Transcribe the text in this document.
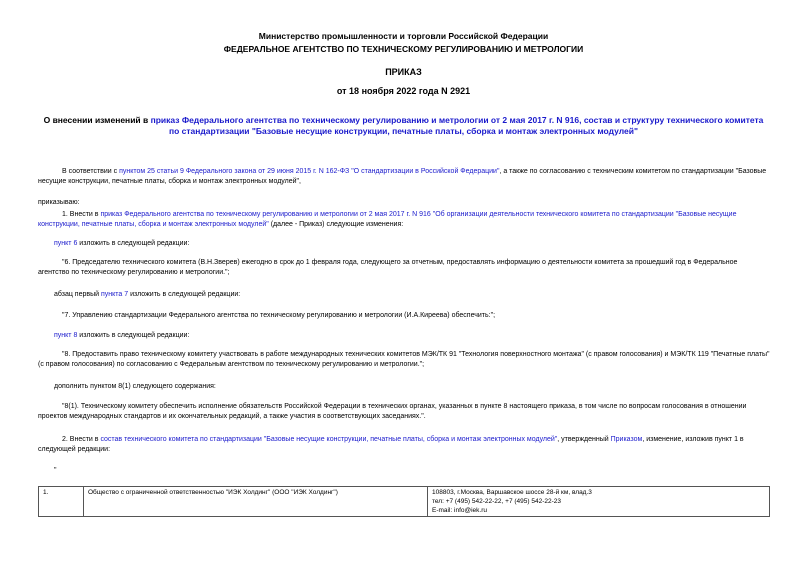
Министерство промышленности и торговли Российской Федерации
ФЕДЕРАЛЬНОЕ АГЕНТСТВО ПО ТЕХНИЧЕСКОМУ РЕГУЛИРОВАНИЮ И МЕТРОЛОГИИ
ПРИКАЗ
от 18 ноября 2022 года N 2921
О внесении изменений в приказ Федерального агентства по техническому регулированию и метрологии от 2 мая 2017 г. N 916, состав и структуру технического комитета по стандартизации "Базовые несущие конструкции, печатные платы, сборка и монтаж электронных модулей"
В соответствии с пунктом 25 статьи 9 Федерального закона от 29 июня 2015 г. N 162-ФЗ "О стандартизации в Российской Федерации", а также по согласованию с техническим комитетом по стандартизации "Базовые несущие конструкции, печатные платы, сборка и монтаж электронных модулей",
приказываю:
1. Внести в приказ Федерального агентства по техническому регулированию и метрологии от 2 мая 2017 г. N 916 "Об организации деятельности технического комитета по стандартизации "Базовые несущие конструкции, печатные платы, сборка и монтаж электронных модулей" (далее - Приказ) следующие изменения:
пункт 6 изложить в следующей редакции:
"6. Председателю технического комитета (В.Н.Зверев) ежегодно в срок до 1 февраля года, следующего за отчетным, предоставлять информацию о деятельности комитета за прошедший год в Федеральное агентство по техническому регулированию и метрологии.";
абзац первый пункта 7 изложить в следующей редакции:
"7. Управлению стандартизации Федерального агентства по техническому регулированию и метрологии (И.А.Киреева) обеспечить:";
пункт 8 изложить в следующей редакции:
"8. Предоставить право техническому комитету участвовать в работе международных технических комитетов МЭК/ТК 91 "Технология поверхностного монтажа" (с правом голосования) и МЭК/ТК 119 "Печатные платы" (с правом голосования) по согласованию с Федеральным агентством по техническому регулированию и метрологии.";
дополнить пунктом 8(1) следующего содержания:
"8(1). Техническому комитету обеспечить исполнение обязательств Российской Федерации в технических органах, указанных в пункте 8 настоящего приказа, в том числе по вопросам голосования в отношении проектов международных стандартов и их окончательных редакций, а также участия в соответствующих заседаниях.".
2. Внести в состав технического комитета по стандартизации "Базовые несущие конструкции, печатные платы, сборка и монтаж электронных модулей", утвержденный Приказом, изменение, изложив пункт 1 в следующей редакции:
"
1.	Общество с ограниченной ответственностью "ИЭК Холдинг" (ООО "ИЭК Холдинг")	108803, г.Москва, Варшавское шоссе 28-й км, влад.3
тел: +7 (495) 542-22-22, +7 (495) 542-22-23
E-mail: info@iek.ru
